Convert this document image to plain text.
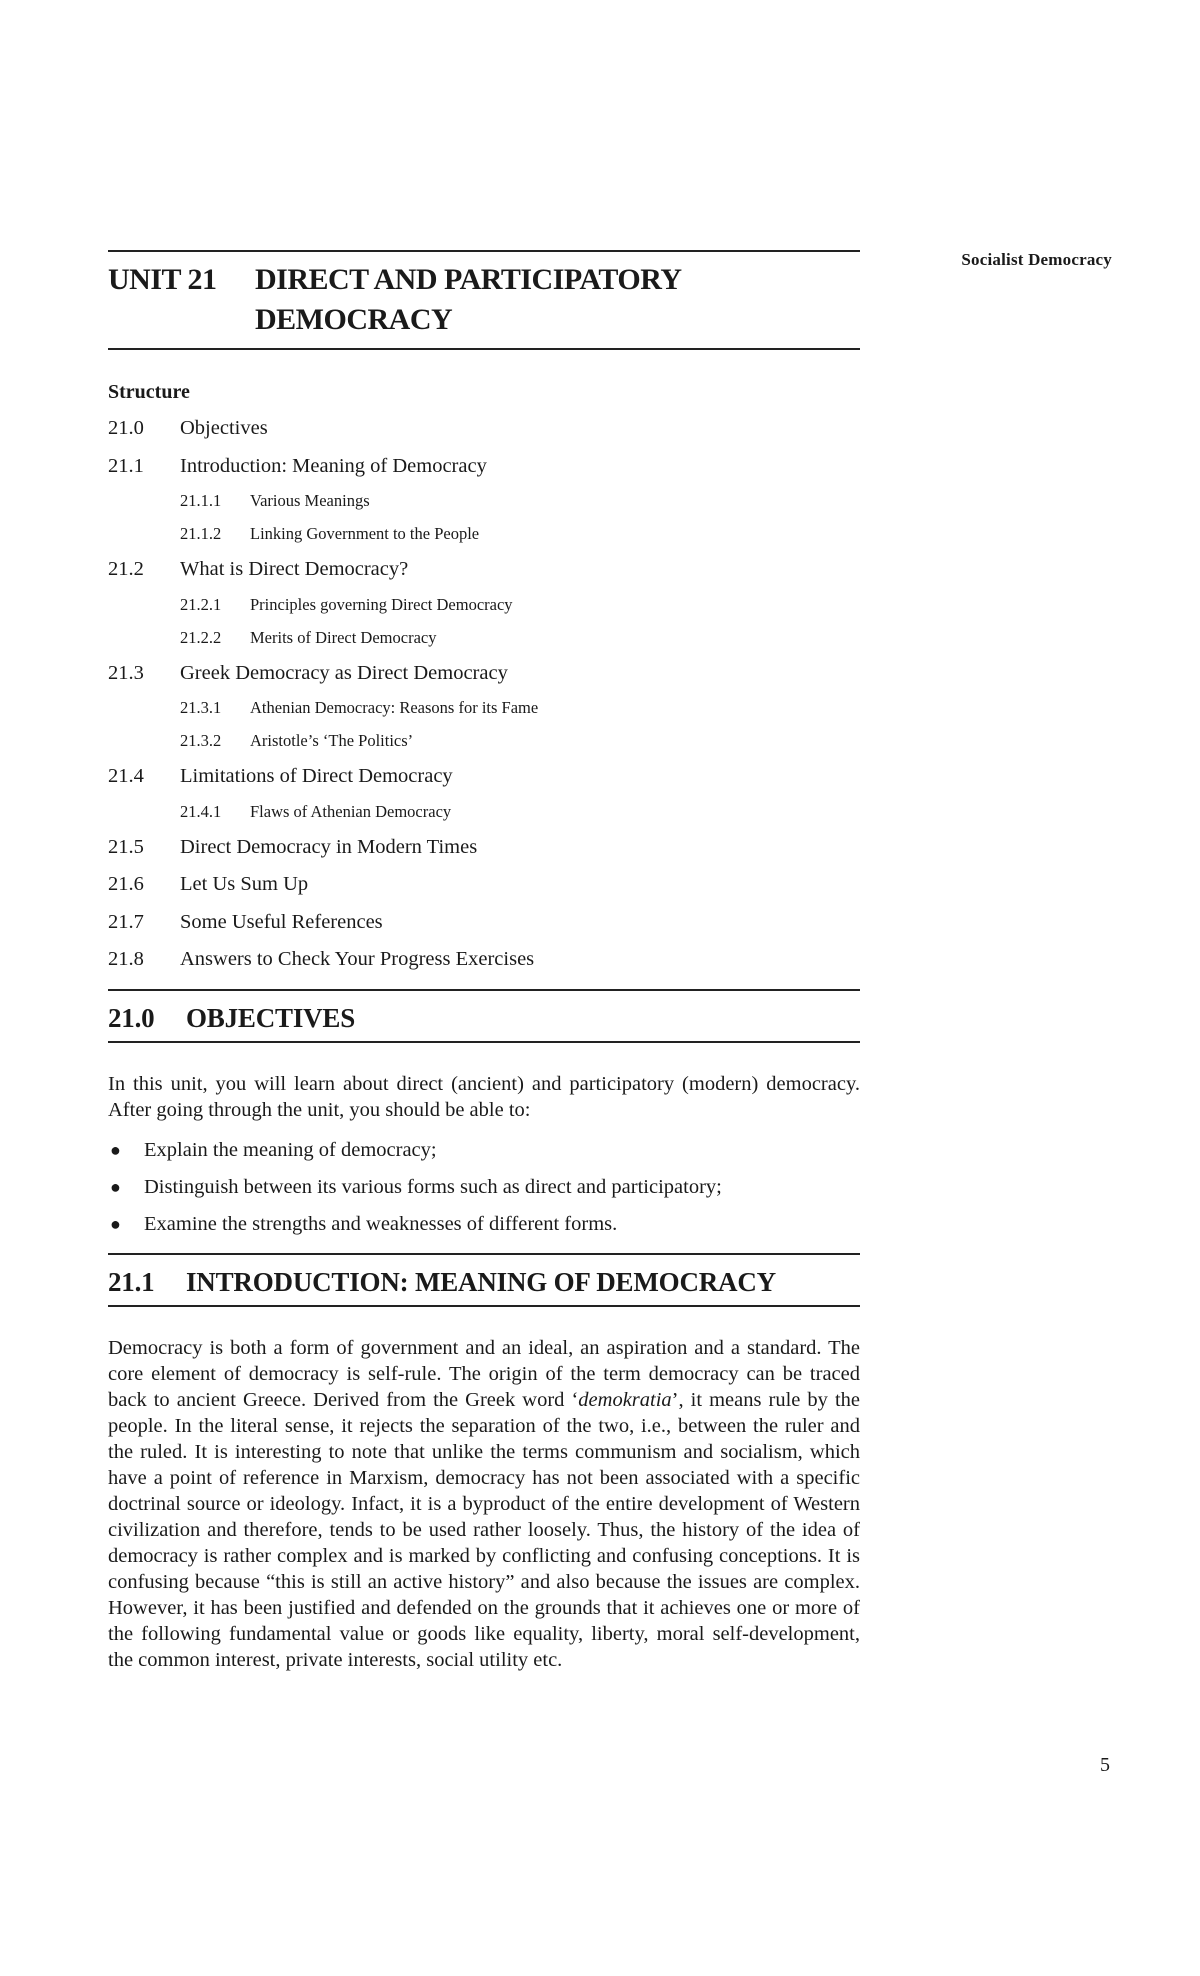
Socialist Democracy
UNIT 21	DIRECT AND PARTICIPATORY
DEMOCRACY
Structure
21.0	Objectives
21.1	Introduction: Meaning of Democracy
21.1.1	Various Meanings
21.1.2	Linking Government to the People
21.2	What is Direct Democracy?
21.2.1	Principles governing Direct Democracy
21.2.2	Merits of Direct Democracy
21.3	Greek Democracy as Direct Democracy
21.3.1	Athenian Democracy: Reasons for its Fame
21.3.2	Aristotle’s ‘The Politics’
21.4	Limitations of Direct Democracy
21.4.1	Flaws of Athenian Democracy
21.5	Direct Democracy in Modern Times
21.6	Let Us Sum Up
21.7	Some Useful References
21.8	Answers to Check Your Progress Exercises
21.0	OBJECTIVES

In this unit, you will learn about direct (ancient) and participatory (modern) democracy. After going through the unit, you should be able to:

●	Explain the meaning of democracy;
●	Distinguish between its various forms such as direct and participatory;
●	Examine the strengths and weaknesses of different forms.
21.1	INTRODUCTION: MEANING OF DEMOCRACY

Democracy is both a form of government and an ideal, an aspiration and a standard. The core element of democracy is self-rule. The origin of the term democracy can be traced back to ancient Greece. Derived from the Greek word ‘demokratia’, it means rule by the people. In the literal sense, it rejects the separation of the two, i.e., between the ruler and the ruled. It is interesting to note that unlike the terms communism and socialism, which have a point of reference in Marxism, democracy has not been associated with a specific doctrinal source or ideology. Infact, it is a byproduct of the entire development of Western civilization and therefore, tends to be used rather loosely. Thus, the history of the idea of democracy is rather complex and is marked by conflicting and confusing conceptions. It is confusing because “this is still an active history” and also because the issues are complex. However, it has been justified and defended on the grounds that it achieves one or more of the following fundamental value or goods like equality, liberty, moral self-development, the common interest, private interests, social utility etc.

5
